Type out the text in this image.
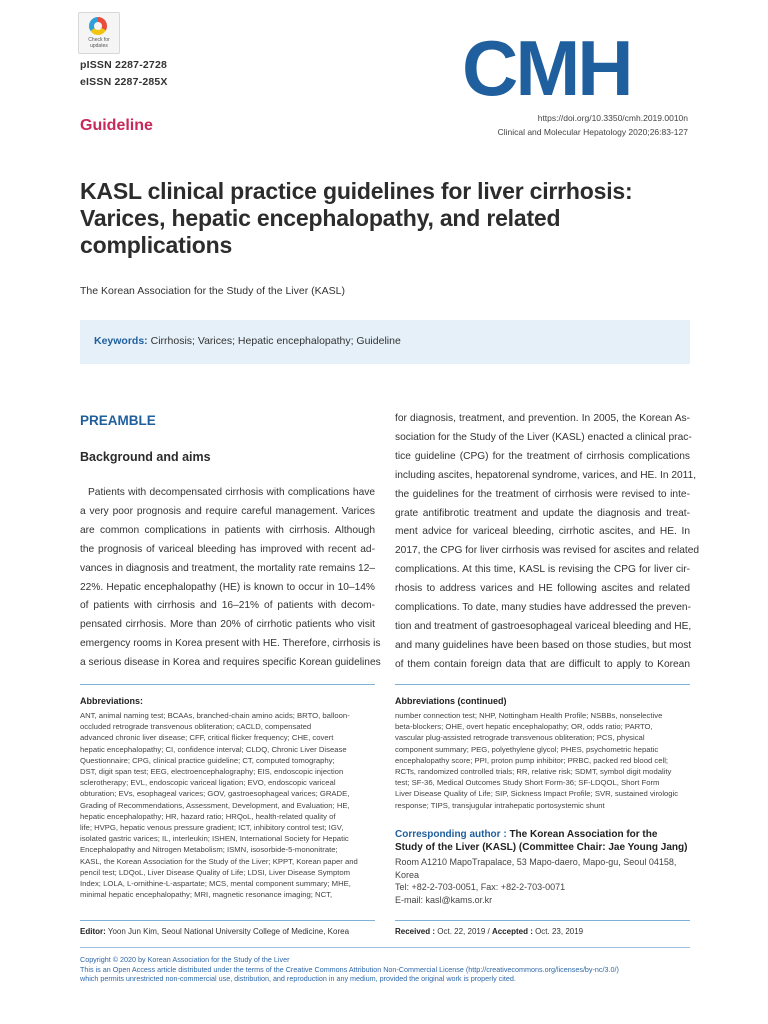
Check for updates
pISSN 2287-2728
eISSN 2287-285X	CMH
https://doi.org/10.3350/cmh.2019.0010n
Clinical and Molecular Hepatology 2020;26:83-127
Guideline
KASL clinical practice guidelines for liver cirrhosis: Varices, hepatic encephalopathy, and related complications
The Korean Association for the Study of the Liver (KASL)
Keywords: Cirrhosis; Varices; Hepatic encephalopathy; Guideline
PREAMBLE
Background and aims
Patients with decompensated cirrhosis with complications have
a very poor prognosis and require careful management. Varices
are common complications in patients with cirrhosis. Although
the prognosis of variceal bleeding has improved with recent ad-
vances in diagnosis and treatment, the mortality rate remains 12–
22%. Hepatic encephalopathy (HE) is known to occur in 10–14%
of patients with cirrhosis and 16–21% of patients with decom-
pensated cirrhosis. More than 20% of cirrhotic patients who visit
emergency rooms in Korea present with HE. Therefore, cirrhosis is
a serious disease in Korea and requires specific Korean guidelines
for diagnosis, treatment, and prevention. In 2005, the Korean As-
sociation for the Study of the Liver (KASL) enacted a clinical prac-
tice guideline (CPG) for the treatment of cirrhosis complications
including ascites, hepatorenal syndrome, varices, and HE. In 2011,
the guidelines for the treatment of cirrhosis were revised to inte-
grate antifibrotic treatment and update the diagnosis and treat-
ment advice for variceal bleeding, cirrhotic ascites, and HE. In
2017, the CPG for liver cirrhosis was revised for ascites and related
complications. At this time, KASL is revising the CPG for liver cir-
rhosis to address varices and HE following ascites and related
complications. To date, many studies have addressed the preven-
tion and treatment of gastroesophageal variceal bleeding and HE,
and many guidelines have been based on those studies, but most
of them contain foreign data that are difficult to apply to Korean
Abbreviations:
ANT, animal naming test; BCAAs, branched-chain amino acids; BRTO, balloon-
occluded retrograde transvenous obliteration; cACLD, compensated
advanced chronic liver disease; CFF, critical flicker frequency; CHE, covert
hepatic encephalopathy; CI, confidence interval; CLDQ, Chronic Liver Disease
Questionnaire; CPG, clinical practice guideline; CT, computed tomography;
DST, digit span test; EEG, electroencephalography; EIS, endoscopic injection
sclerotherapy; EVL, endoscopic variceal ligation; EVO, endoscopic variceal
obturation; EVs, esophageal varices; GOV, gastroesophageal varices; GRADE,
Grading of Recommendations, Assessment, Development, and Evaluation; HE,
hepatic encephalopathy; HR, hazard ratio; HRQoL, health-related quality of
life; HVPG, hepatic venous pressure gradient; ICT, inhibitory control test; IGV,
isolated gastric varices; IL, interleukin; ISHEN, International Society for Hepatic
Encephalopathy and Nitrogen Metabolism; ISMN, isosorbide-5-mononitrate;
KASL, the Korean Association for the Study of the Liver; KPPT, Korean paper and
pencil test; LDQoL, Liver Disease Quality of Life; LDSI, Liver Disease Symptom
Index; LOLA, L-ornithine-L-aspartate; MCS, mental component summary; MHE,
minimal hepatic encephalopathy; MRI, magnetic resonance imaging; NCT,
Abbreviations (continued)
number connection test; NHP, Nottingham Health Profile; NSBBs, nonselective
beta-blockers; OHE, overt hepatic encephalopathy; OR, odds ratio; PARTO,
vascular plug-assisted retrograde transvenous obliteration; PCS, physical
component summary; PEG, polyethylene glycol; PHES, psychometric hepatic
encephalopathy score; PPI, proton pump inhibitor; PRBC, packed red blood cell;
RCTs, randomized controlled trials; RR, relative risk; SDMT, symbol digit modality
test; SF-36, Medical Outcomes Study Short Form-36; SF-LDQOL, Short Form
Liver Disease Quality of Life; SIP, Sickness Impact Profile; SVR, sustained virologic
response; TIPS, transjugular intrahepatic portosystemic shunt
Corresponding author : The Korean Association for the
Study of the Liver (KASL) (Committee Chair: Jae Young Jang)
Room A1210 MapoTrapalace, 53 Mapo-daero, Mapo-gu, Seoul 04158,
Korea
Tel: +82-2-703-0051, Fax: +82-2-703-0071
E-mail: kasl@kams.or.kr
Editor: Yoon Jun Kim, Seoul National University College of Medicine, Korea	Received : Oct. 22, 2019 / Accepted : Oct. 23, 2019
Copyright © 2020 by Korean Association for the Study of the Liver
This is an Open Access article distributed under the terms of the Creative Commons Attribution Non-Commercial License (http://creativecommons.org/licenses/by-nc/3.0/)
which permits unrestricted non-commercial use, distribution, and reproduction in any medium, provided the original work is properly cited.
